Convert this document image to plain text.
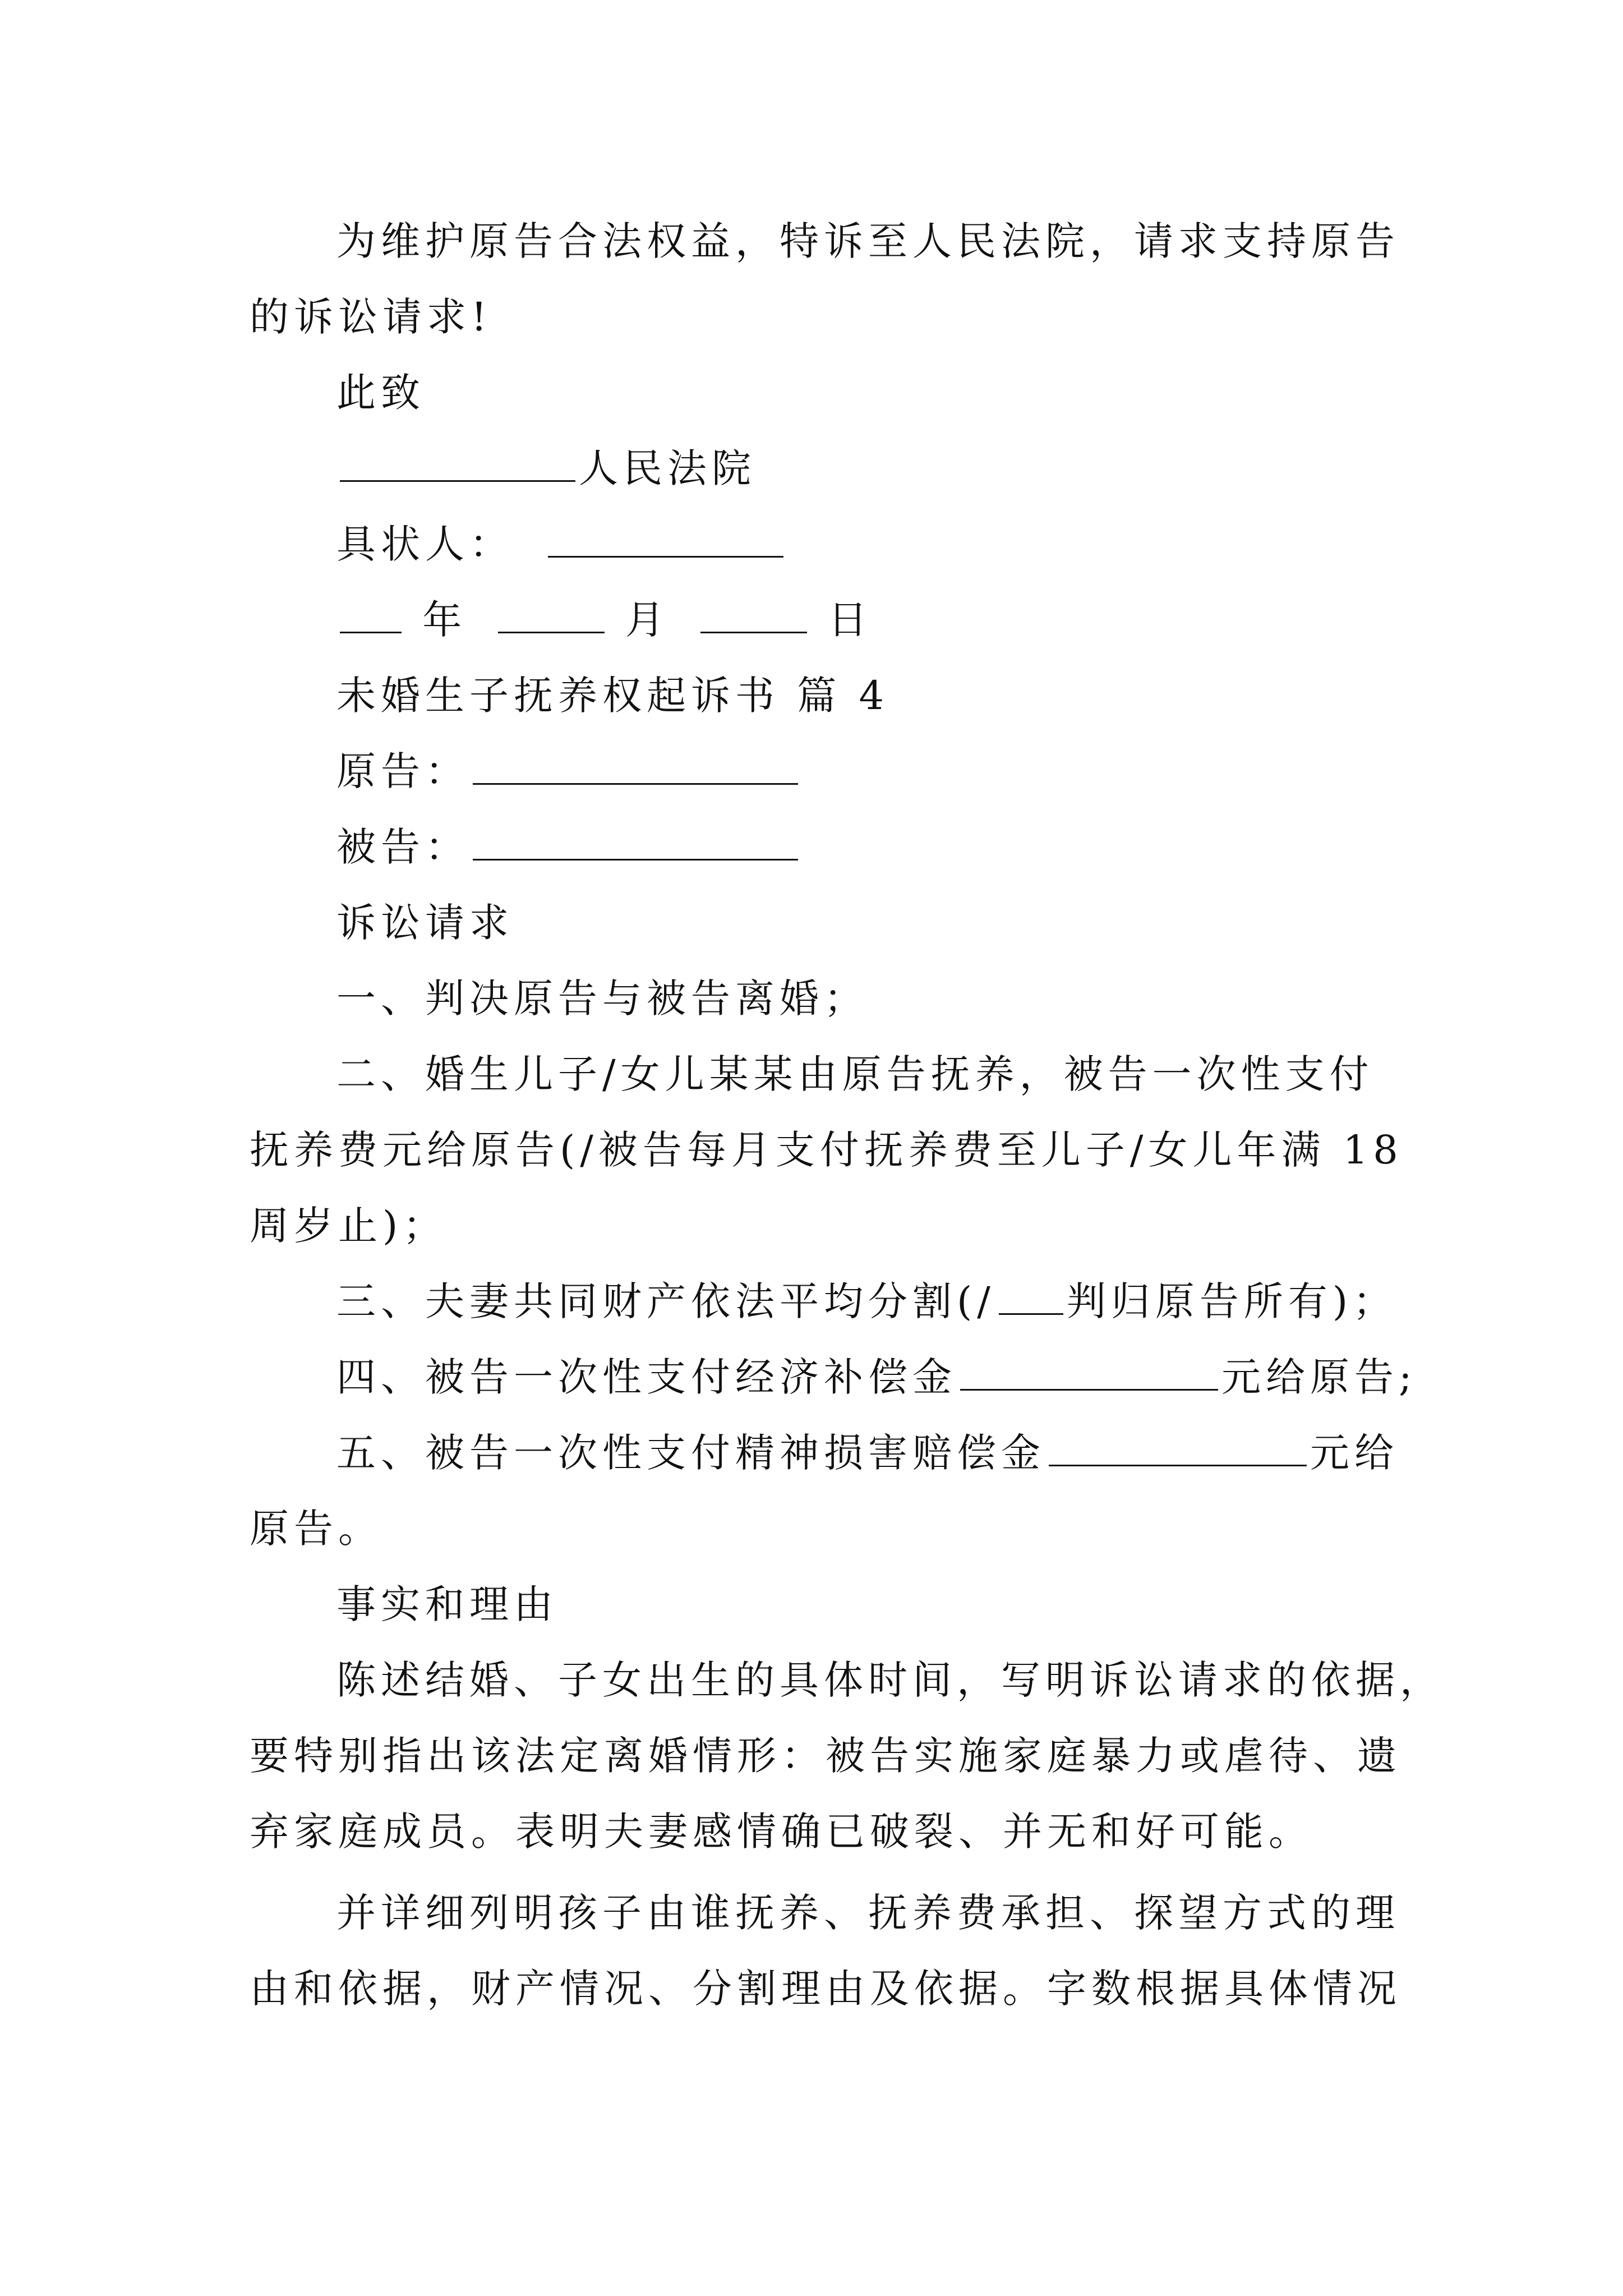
为维护原告合法权益，特诉至人民法院，请求支持原告
的诉讼请求!
此致
人民法院
具状人：
年	月	日
未婚生子抚养权起诉书 篇 4
原告：
被告：
诉讼请求
一、判决原告与被告离婚；
二、婚生儿子/女儿某某由原告抚养，被告一次性支付
抚养费元给原告(/被告每月支付抚养费至儿子/女儿年满 18
周岁止)；
三、夫妻共同财产依法平均分割(/ 判归原告所有)；
四、被告一次性支付经济补偿金	元给原告;
五、被告一次性支付精神损害赔偿金	元给
原告。
事实和理由
陈述结婚、子女出生的具体时间，写明诉讼请求的依据，
要特别指出该法定离婚情形：被告实施家庭暴力或虐待、遗
弃家庭成员。表明夫妻感情确已破裂、并无和好可能。
并详细列明孩子由谁抚养、抚养费承担、探望方式的理
由和依据，财产情况、分割理由及依据。字数根据具体情况
